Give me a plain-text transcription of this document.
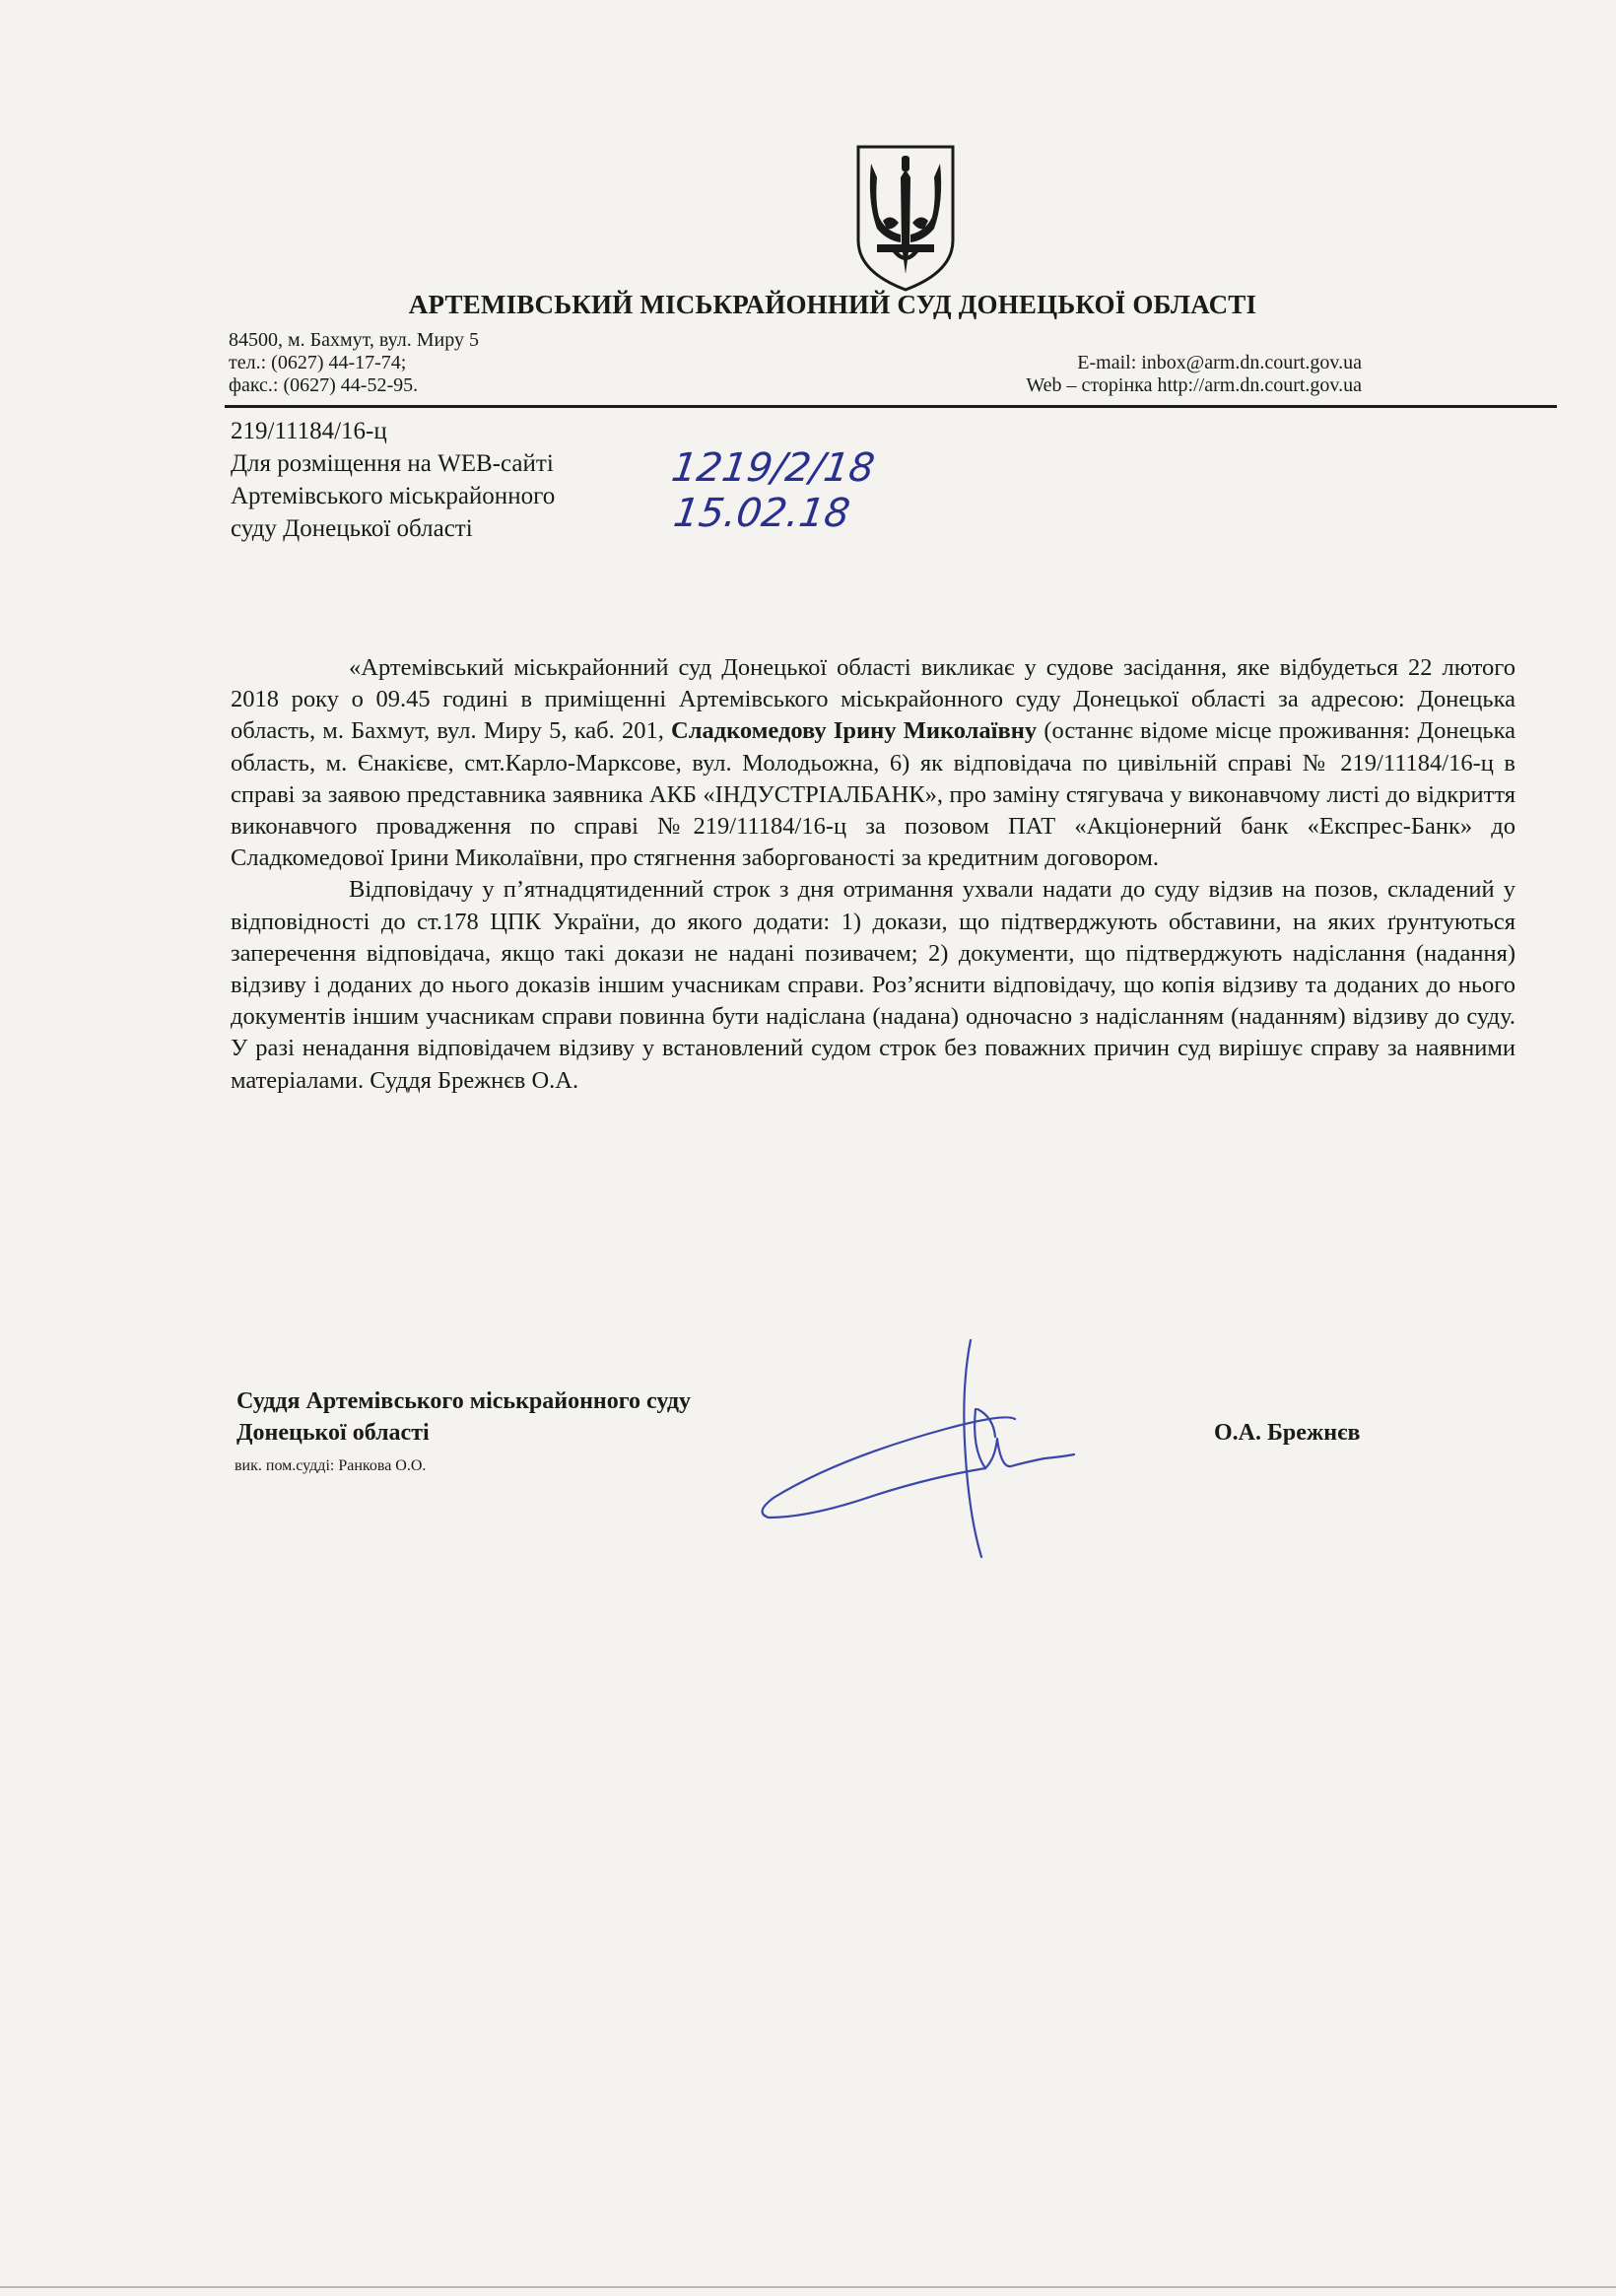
АРТЕМІВСЬКИЙ МІСЬКРАЙОННИЙ СУД ДОНЕЦЬКОЇ ОБЛАСТІ
84500, м. Бахмут, вул. Миру 5
тел.: (0627) 44-17-74;
факс.: (0627) 44-52-95.
E-mail: inbox@arm.dn.court.gov.ua
Web – сторінка http://arm.dn.court.gov.ua
219/11184/16-ц
Для розміщення на WEB-сайті
Артемівського міськрайонного
суду Донецької області
1219/2/18
15.02.18

«Артемівський міськрайонний суд Донецької області викликає у судове засідання, яке відбудеться 22 лютого 2018 року о 09.45 годині в приміщенні Артемівського міськрайонного суду Донецької області за адресою: Донецька область, м. Бахмут, вул. Миру 5, каб. 201, Сладкомедову Ірину Миколаївну (останнє відоме місце проживання: Донецька область, м. Єнакієве, смт.Карло-Марксове, вул. Молодьожна, 6) як відповідача по цивільній справі № 219/11184/16-ц в справі за заявою представника заявника АКБ «ІНДУСТРІАЛБАНК», про заміну стягувача у виконавчому листі до відкриття виконавчого провадження по справі №219/11184/16-ц за позовом ПАТ «Акціонерний банк «Експрес-Банк» до Сладкомедової Ірини Миколаївни, про стягнення заборгованості за кредитним договором.

Відповідачу у п’ятнадцятиденний строк з дня отримання ухвали надати до суду відзив на позов, складений у відповідності до ст.178 ЦПК України, до якого додати: 1) докази, що підтверджують обставини, на яких ґрунтуються заперечення відповідача, якщо такі докази не надані позивачем; 2) документи, що підтверджують надіслання (надання) відзиву і доданих до нього доказів іншим учасникам справи. Роз’яснити відповідачу, що копія відзиву та доданих до нього документів іншим учасникам справи повинна бути надіслана (надана) одночасно з надісланням (наданням) відзиву до суду. У разі ненадання відповідачем відзиву у встановлений судом строк без поважних причин суд вирішує справу за наявними матеріалами. Суддя Брежнєв О.А.

Суддя Артемівського міськрайонного суду
Донецької області	О.А. Брежнєв
вик. пом.судді: Ранкова О.О.
